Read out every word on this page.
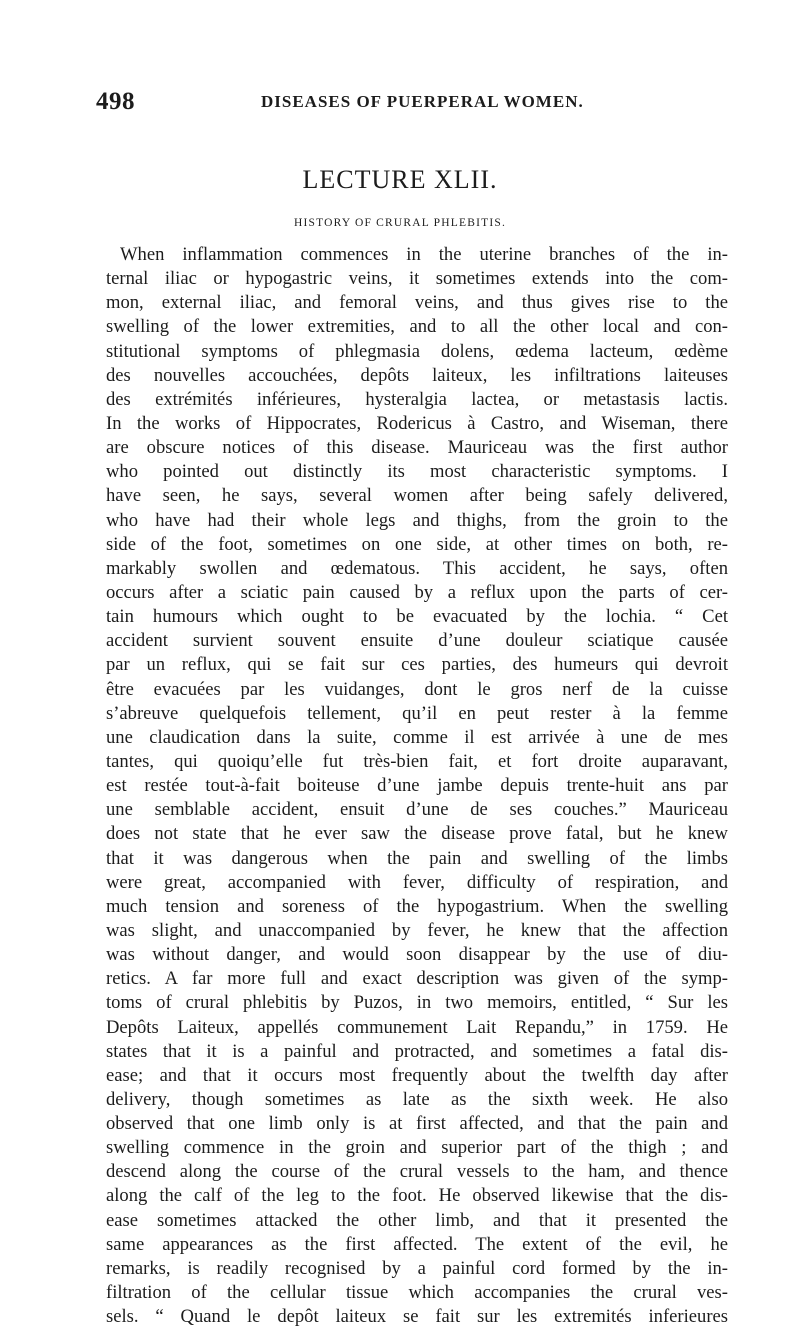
498	DISEASES OF PUERPERAL WOMEN.
LECTURE XLII.
HISTORY OF CRURAL PHLEBITIS.
When inflammation commences in the uterine branches of the in-
ternal iliac or hypogastric veins, it sometimes extends into the com-
mon, external iliac, and femoral veins, and thus gives rise to the
swelling of the lower extremities, and to all the other local and con-
stitutional symptoms of phlegmasia dolens, œdema lacteum, œdème
des nouvelles accouchées, depôts laiteux, les infiltrations laiteuses
des extrémités inférieures, hysteralgia lactea, or metastasis lactis.
In the works of Hippocrates, Rodericus à Castro, and Wiseman, there
are obscure notices of this disease. Mauriceau was the first author
who pointed out distinctly its most characteristic symptoms. I
have seen, he says, several women after being safely delivered,
who have had their whole legs and thighs, from the groin to the
side of the foot, sometimes on one side, at other times on both, re-
markably swollen and œdematous. This accident, he says, often
occurs after a sciatic pain caused by a reflux upon the parts of cer-
tain humours which ought to be evacuated by the lochia. “ Cet
accident survient souvent ensuite d’une douleur sciatique causée
par un reflux, qui se fait sur ces parties, des humeurs qui devroit
être evacuées par les vuidanges, dont le gros nerf de la cuisse
s’abreuve quelquefois tellement, qu’il en peut rester à la femme
une claudication dans la suite, comme il est arrivée à une de mes
tantes, qui quoiqu’elle fut très-bien fait, et fort droite auparavant,
est restée tout-à-fait boiteuse d’une jambe depuis trente-huit ans par
une semblable accident, ensuit d’une de ses couches.” Mauriceau
does not state that he ever saw the disease prove fatal, but he knew
that it was dangerous when the pain and swelling of the limbs
were great, accompanied with fever, difficulty of respiration, and
much tension and soreness of the hypogastrium. When the swelling
was slight, and unaccompanied by fever, he knew that the affection
was without danger, and would soon disappear by the use of diu-
retics. A far more full and exact description was given of the symp-
toms of crural phlebitis by Puzos, in two memoirs, entitled, “ Sur les
Depôts Laiteux, appellés communement Lait Repandu,” in 1759. He
states that it is a painful and protracted, and sometimes a fatal dis-
ease; and that it occurs most frequently about the twelfth day after
delivery, though sometimes as late as the sixth week. He also
observed that one limb only is at first affected, and that the pain and
swelling commence in the groin and superior part of the thigh ; and
descend along the course of the crural vessels to the ham, and thence
along the calf of the leg to the foot. He observed likewise that the dis-
ease sometimes attacked the other limb, and that it presented the
same appearances as the first affected. The extent of the evil, he
remarks, is readily recognised by a painful cord formed by the in-
filtration of the cellular tissue which accompanies the crural ves-
sels. “ Quand le depôt laiteux se fait sur les extremités inferieures
